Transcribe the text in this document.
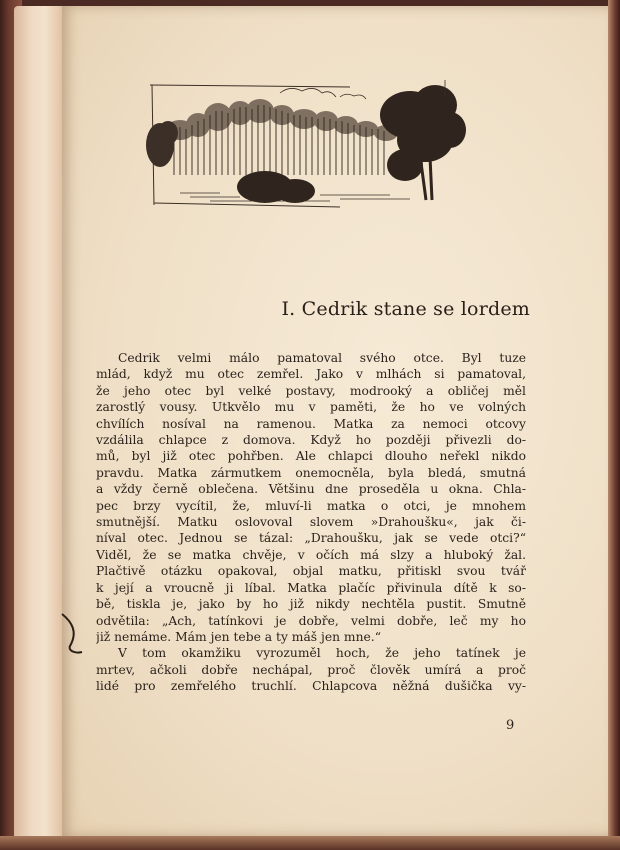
I. Cedrik stane se lordem
Cedrik velmi málo pamatoval svého otce. Byl tuze
mlád, když mu otec zemřel. Jako v mlhách si pamatoval,
že jeho otec byl velké postavy, modrooký a obličej měl
zarostlý vousy. Utkvělo mu v paměti, že ho ve volných
chvílích nosíval na ramenou. Matka za nemoci otcovy
vzdálila chlapce z domova. Když ho později přivezli do-
mů, byl již otec pohřben. Ale chlapci dlouho neřekl nikdo
pravdu. Matka zármutkem onemocněla, byla bledá, smutná
a vždy černě oblečena. Většinu dne proseděla u okna. Chla-
pec brzy vycítil, že, mluví-li matka o otci, je mnohem
smutnější. Matku oslovoval slovem »Drahoušku«, jak či-
níval otec. Jednou se tázal: „Drahoušku, jak se vede otci?“
Viděl, že se matka chvěje, v očích má slzy a hluboký žal.
Plačtivě otázku opakoval, objal matku, přitiskl svou tvář
k její a vroucně ji líbal. Matka plačíc přivinula dítě k so-
bě, tiskla je, jako by ho již nikdy nechtěla pustit. Smutně
odvětila: „Ach, tatínkovi je dobře, velmi dobře, leč my ho
již nemáme. Mám jen tebe a ty máš jen mne.“
V tom okamžiku vyrozuměl hoch, že jeho tatínek je
mrtev, ačkoli dobře nechápal, proč člověk umírá a proč
lidé pro zemřelého truchlí. Chlapcova něžná dušička vy-
9
